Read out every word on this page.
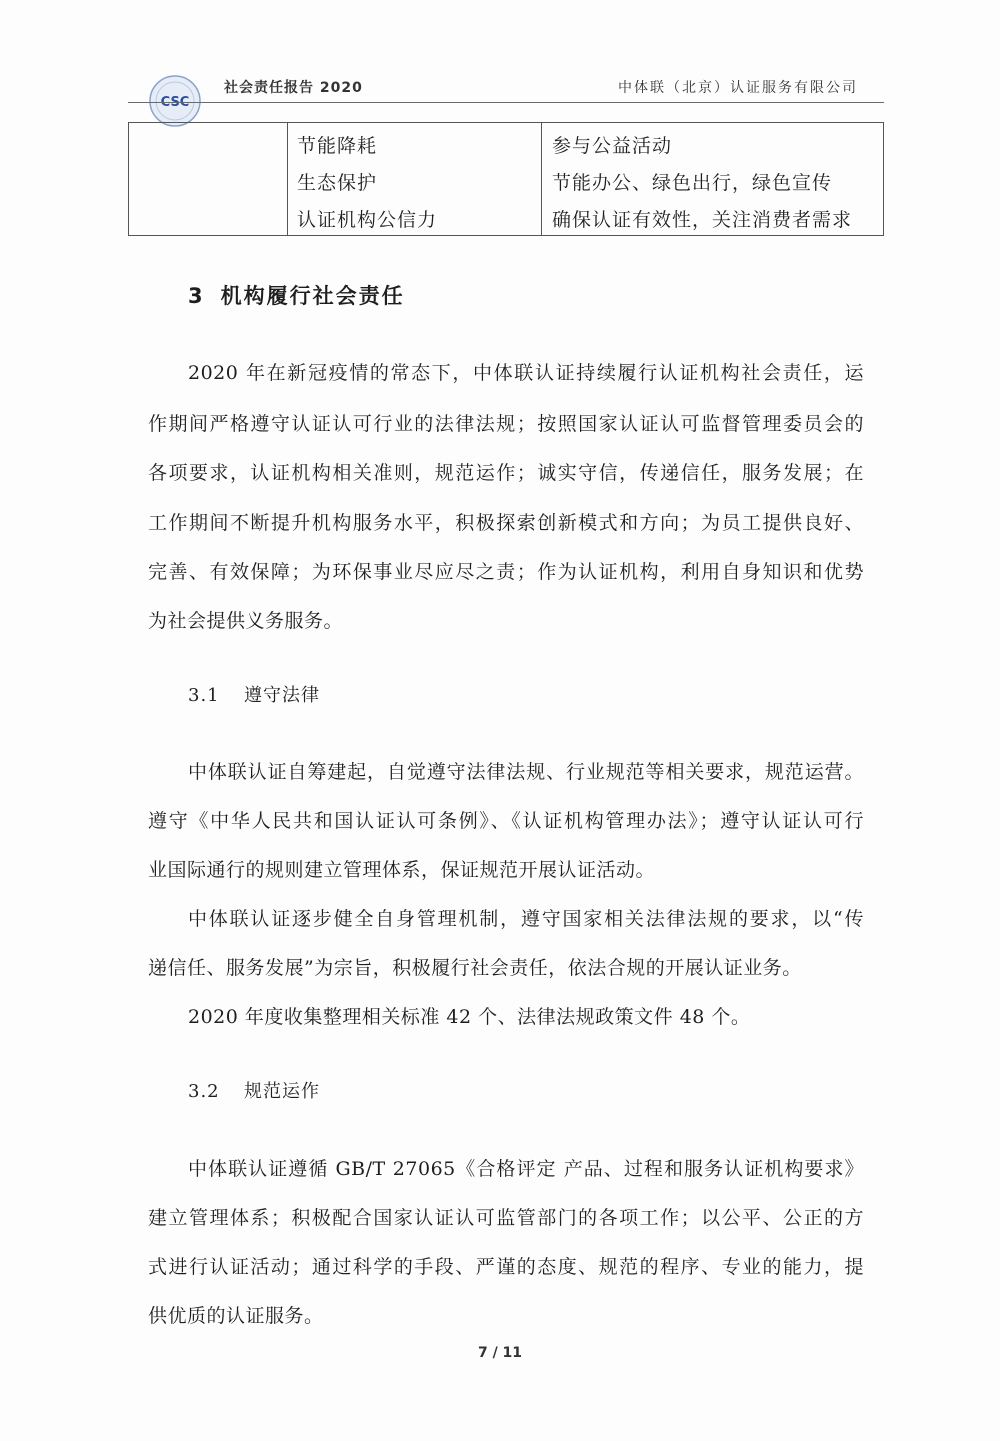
CSC
社会责任报告 2020	中体联（北京）认证服务有限公司
节能降耗
生态保护
认证机构公信力
参与公益活动
节能办公、绿色出行，绿色宣传
确保认证有效性，关注消费者需求
3 机构履行社会责任
2020 年在新冠疫情的常态下，中体联认证持续履行认证机构社会责任，运
作期间严格遵守认证认可行业的法律法规；按照国家认证认可监督管理委员会的
各项要求，认证机构相关准则，规范运作；诚实守信，传递信任，服务发展；在
工作期间不断提升机构服务水平，积极探索创新模式和方向；为员工提供良好、
完善、有效保障；为环保事业尽应尽之责；作为认证机构，利用自身知识和优势
为社会提供义务服务。
3.1 遵守法律
中体联认证自筹建起，自觉遵守法律法规、行业规范等相关要求，规范运营。
遵守《中华人民共和国认证认可条例》、《认证机构管理办法》；遵守认证认可行
业国际通行的规则建立管理体系，保证规范开展认证活动。
中体联认证逐步健全自身管理机制，遵守国家相关法律法规的要求，以“传
递信任、服务发展”为宗旨，积极履行社会责任，依法合规的开展认证业务。
2020 年度收集整理相关标准 42 个、法律法规政策文件 48 个。
3.2 规范运作
中体联认证遵循 GB/T 27065《合格评定 产品、过程和服务认证机构要求》
建立管理体系；积极配合国家认证认可监管部门的各项工作；以公平、公正的方
式进行认证活动；通过科学的手段、严谨的态度、规范的程序、专业的能力，提
供优质的认证服务。
7 / 11
